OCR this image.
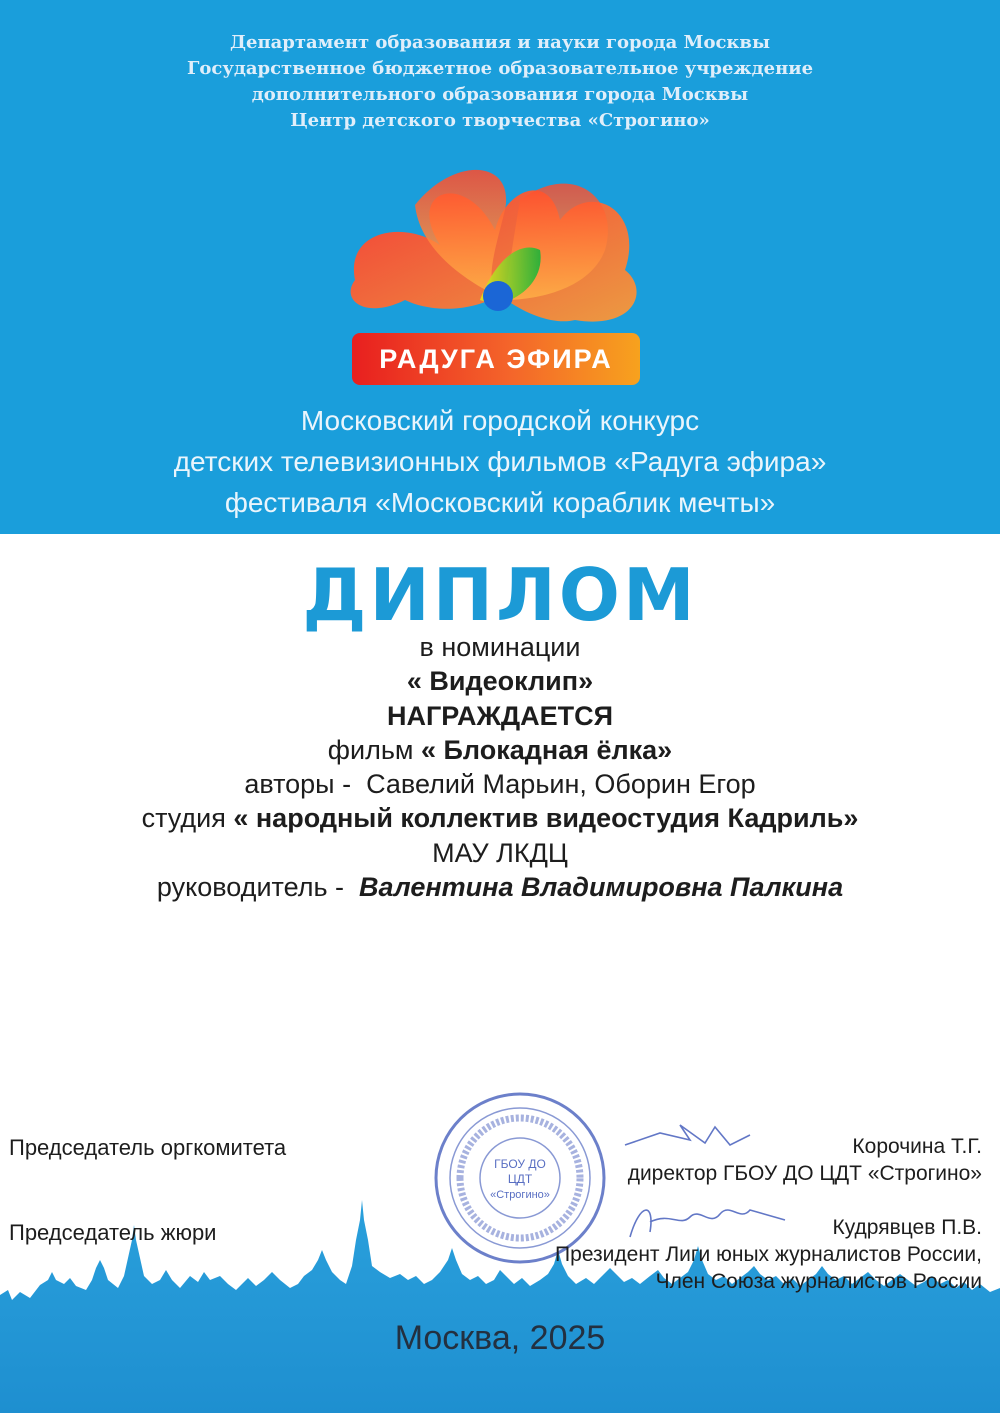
Департамент образования и науки города Москвы
Государственное бюджетное образовательное учреждение
дополнительного образования города Москвы
Центр детского творчества «Строгино»
РАДУГА ЭФИРА
Московский городской конкурс
детских телевизионных фильмов «Радуга эфира»
фестиваля «Московский кораблик мечты»
ДИПЛОМ
в номинации
« Видеоклип»
НАГРАЖДАЕТСЯ
фильм « Блокадная ёлка»
авторы - Савелий Марьин, Оборин Егор
студия « народный коллектив видеостудия Кадриль»
МАУ ЛКДЦ
руководитель - Валентина Владимировна Палкина
ГБОУ ДО
ЦДТ
«Строгино»
Председатель оргкомитета	Корочина Т.Г.
директор ГБОУ ДО ЦДТ «Строгино»
Председатель жюри	Кудрявцев П.В.
Президент Лиги юных журналистов России,
Член Союза журналистов России
Москва, 2025
